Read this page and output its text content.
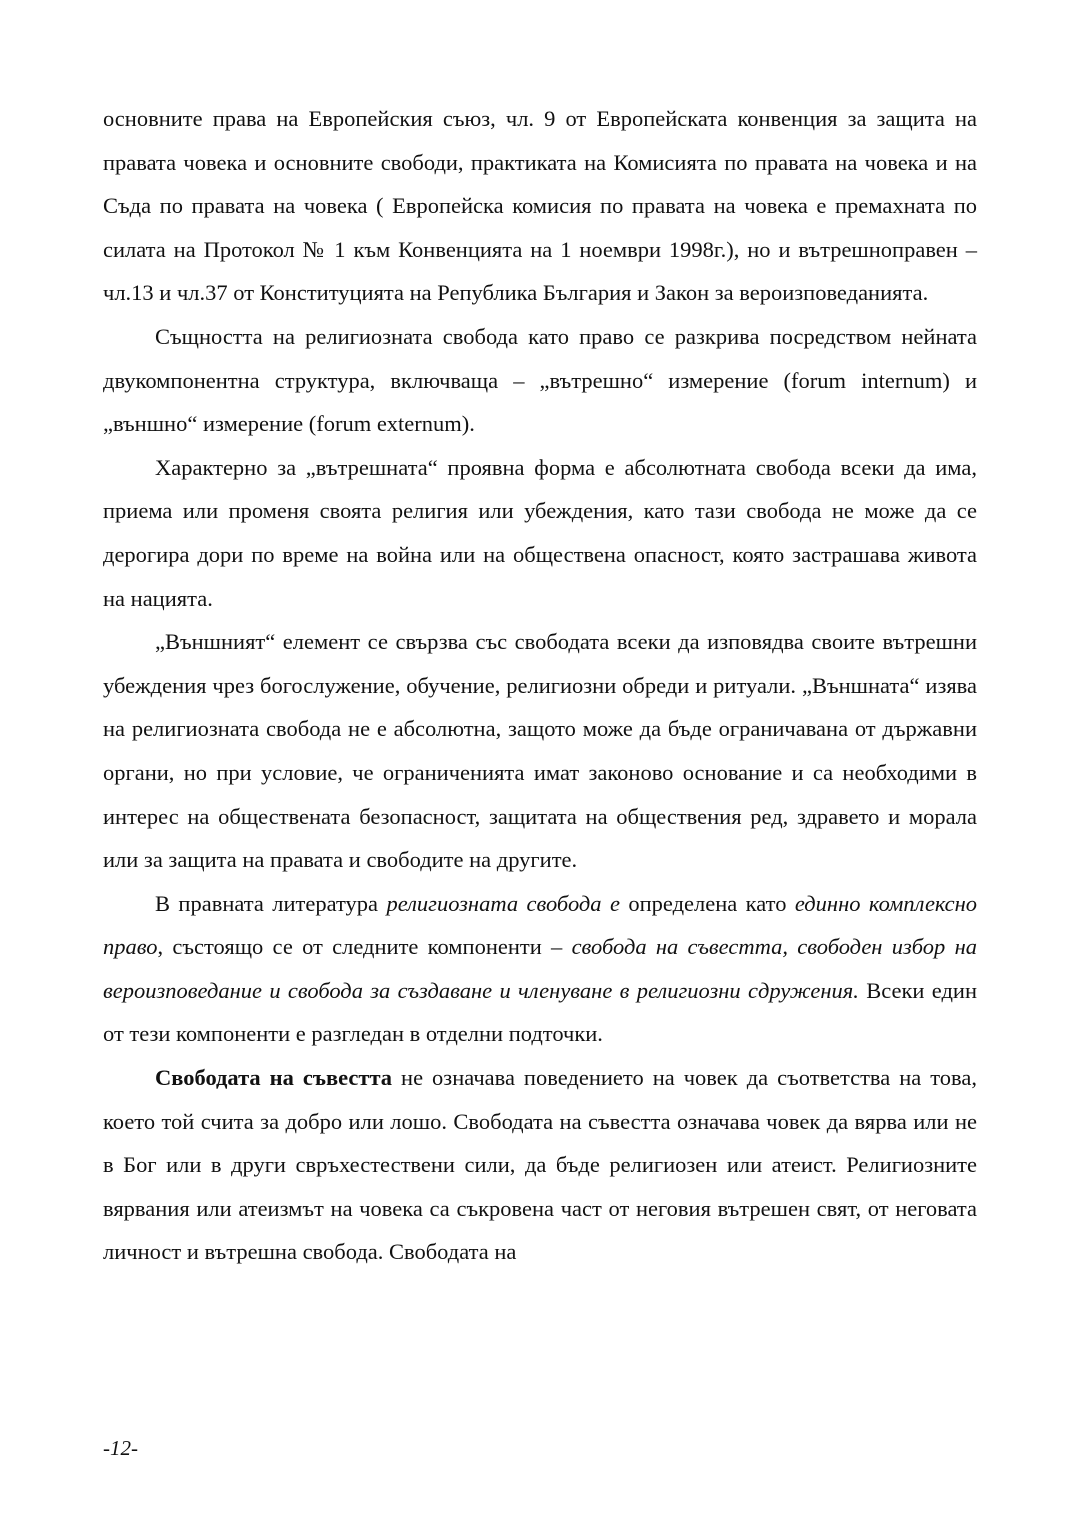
основните права на Европейския съюз, чл. 9 от Европейската конвенция за защита на правата човека и основните свободи, практиката на Комисията по правата на човека и на Съда по правата на човека ( Европейска комисия по правата на човека е премахната по силата на Протокол № 1 към Конвенцията на 1 ноември 1998г.), но и вътрешноправен – чл.13 и чл.37 от Конституцията на Република България и Закон за вероизповеданията.

Същността на религиозната свобода като право се разкрива посредством нейната двукомпонентна структура, включваща – „вътрешно“ измерение (forum internum) и „външно“ измерение (forum externum).

Характерно за „вътрешната“ проявна форма е абсолютната свобода всеки да има, приема или променя своята религия или убеждения, като тази свобода не може да се дерогира дори по време на война или на обществена опасност, която застрашава живота на нацията.

„Външният“ елемент се свързва със свободата всеки да изповядва своите вътрешни убеждения чрез богослужение, обучение, религиозни обреди и ритуали. „Външната“ изява на религиозната свобода не е абсолютна, защото може да бъде ограничавана от държавни органи, но при условие, че ограниченията имат законово основание и са необходими в интерес на обществената безопасност, защитата на обществения ред, здравето и морала или за защита на правата и свободите на другите.

В правната литература религиозната свобода е определена като единно комплексно право, състоящо се от следните компоненти – свобода на съвестта, свободен избор на вероизповедание и свобода за създаване и членуване в религиозни сдружения. Всеки един от тези компоненти е разгледан в отделни подточки.

Свободата на съвестта не означава поведението на човек да съответства на това, което той счита за добро или лошо. Свободата на съвестта означава човек да вярва или не в Бог или в други свръхестествени сили, да бъде религиозен или атеист. Религиозните вярвания или атеизмът на човека са съкровена част от неговия вътрешен свят, от неговата личност и вътрешна свобода. Свободата на

-12-
